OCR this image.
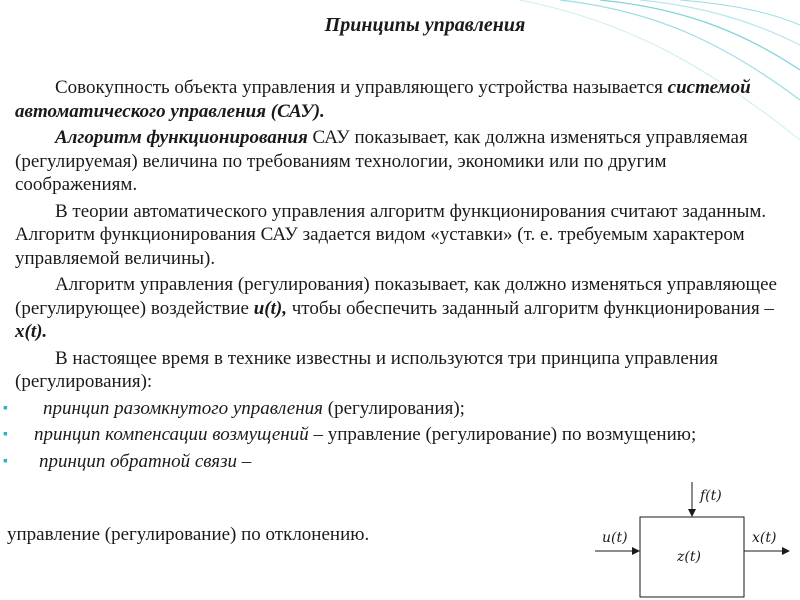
Принципы управления

Совокупность объекта управления и управляющего устройства называется системой автоматического управления (САУ).

Алгоритм функционирования САУ показывает, как должна изменяться управляемая (регулируемая) величина по требованиям технологии, экономики или по другим соображениям.

В теории автоматического управления алгоритм функционирования считают заданным. Алгоритм функционирования САУ задается видом «уставки» (т. е. требуемым характером управляемой величины).

Алгоритм управления (регулирования) показывает, как должно изменяться управляющее (регулирующее) воздействие u(t), чтобы обеспечить заданный алгоритм функционирования – x(t).

В настоящее время в технике известны и используются три принципа управления (регулирования):

▪ принцип разомкнутого управления (регулирования);
▪ принцип компенсации возмущений – управление (регулирование) по возмущению;
▪ принцип обратной связи –
управление (регулирование) по отклонению.	u(t)	x(t)
f(t)
z(t)
